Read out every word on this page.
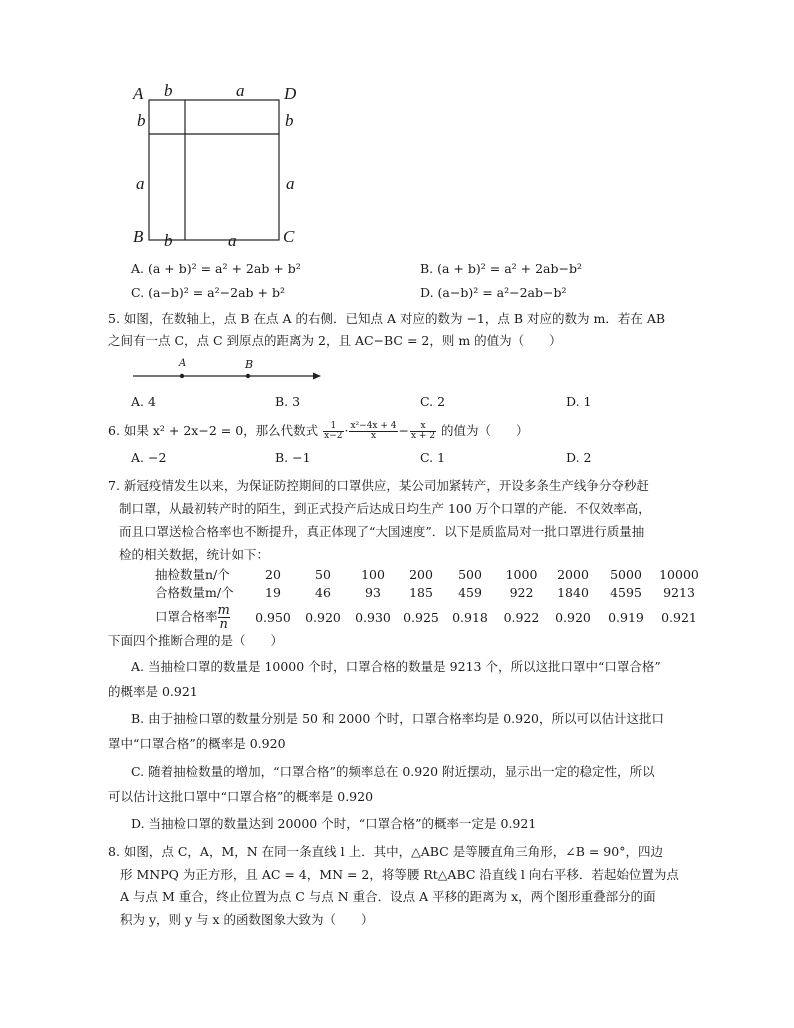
A	D
B	C
b	a
b	b
a	a
b	a
A. (a + b)² = a² + 2ab + b²	B. (a + b)² = a² + 2ab−b²
C. (a−b)² = a²−2ab + b²	D. (a−b)² = a²−2ab−b²
5. 如图，在数轴上，点 B 在点 A 的右侧．已知点 A 对应的数为 −1，点 B 对应的数为 m．若在 AB
之间有一点 C，点 C 到原点的距离为 2，且 AC−BC = 2，则 m 的值为（　　）
A	B
A. 4	B. 3	C. 2	D. 1
6. 如果 x² + 2x−2 = 0，那么代数式 $\frac{1}{x-2} \cdot \frac{\text{x²−4x + 4}}{x} - \frac{x}{x + 2}$ 的值为（　　）
A. −2	B. −1	C. 1	D. 2
7. 新冠疫情发生以来，为保证防控期间的口罩供应，某公司加紧转产，开设多条生产线争分夺秒赶
制口罩，从最初转产时的陌生，到正式投产后达成日均生产 100 万个口罩的产能．不仅效率高，
而且口罩送检合格率也不断提升，真正体现了“大国速度”．以下是质监局对一批口罩进行质量抽
检的相关数据，统计如下：
抽检数量n/个	20	50	100	200	500	1000	2000	5000	10000
合格数量m/个	19	46	93	185	459	922	1840	4595	9213
口罩合格率 $\frac{m}{n}$	0.950	0.920	0.930	0.925	0.918	0.922	0.920	0.919	0.921
下面四个推断合理的是（　　）
A. 当抽检口罩的数量是 10000 个时，口罩合格的数量是 9213 个，所以这批口罩中“口罩合格”
的概率是 0.921
B. 由于抽检口罩的数量分别是 50 和 2000 个时，口罩合格率均是 0.920，所以可以估计这批口
罩中“口罩合格”的概率是 0.920
C. 随着抽检数量的增加，“口罩合格”的频率总在 0.920 附近摆动，显示出一定的稳定性，所以
可以估计这批口罩中“口罩合格”的概率是 0.920
D. 当抽检口罩的数量达到 20000 个时，“口罩合格”的概率一定是 0.921
8. 如图，点 C，A，M，N 在同一条直线 l 上．其中，△ABC 是等腰直角三角形，∠B = 90°，四边
形 MNPQ 为正方形，且 AC = 4，MN = 2，将等腰 Rt△ABC 沿直线 l 向右平移．若起始位置为点
A 与点 M 重合，终止位置为点 C 与点 N 重合．设点 A 平移的距离为 x，两个图形重叠部分的面
积为 y，则 y 与 x 的函数图象大致为（　　）
